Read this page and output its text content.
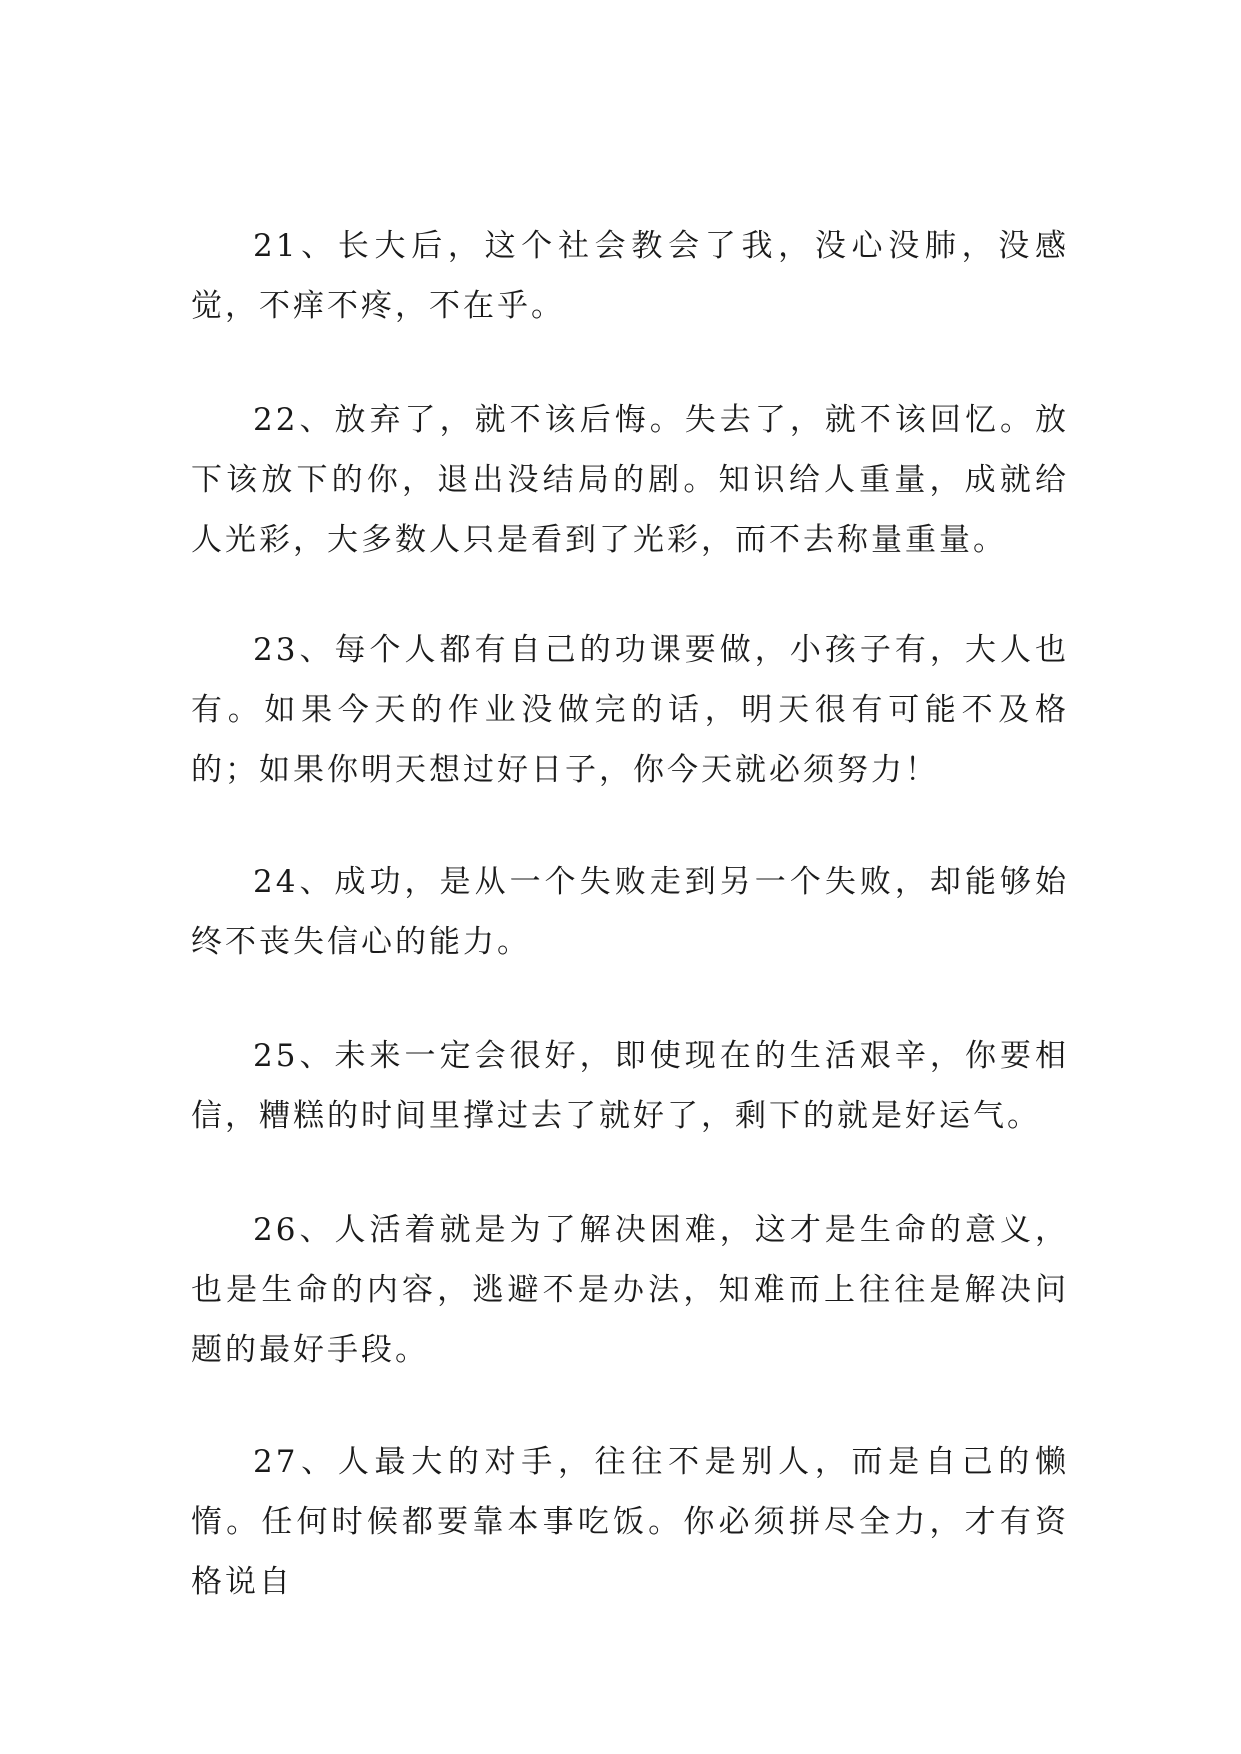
21、长大后，这个社会教会了我，没心没肺，没感觉，不痒不疼，不在乎。

22、放弃了，就不该后悔。失去了，就不该回忆。放下该放下的你，退出没结局的剧。知识给人重量，成就给人光彩，大多数人只是看到了光彩，而不去称量重量。

23、每个人都有自己的功课要做，小孩子有，大人也有。如果今天的作业没做完的话，明天很有可能不及格的；如果你明天想过好日子，你今天就必须努力！

24、成功，是从一个失败走到另一个失败，却能够始终不丧失信心的能力。

25、未来一定会很好，即使现在的生活艰辛，你要相信，糟糕的时间里撑过去了就好了，剩下的就是好运气。

26、人活着就是为了解决困难，这才是生命的意义，也是生命的内容，逃避不是办法，知难而上往往是解决问题的最好手段。

27、人最大的对手，往往不是别人，而是自己的懒惰。任何时候都要靠本事吃饭。你必须拼尽全力，才有资格说自
